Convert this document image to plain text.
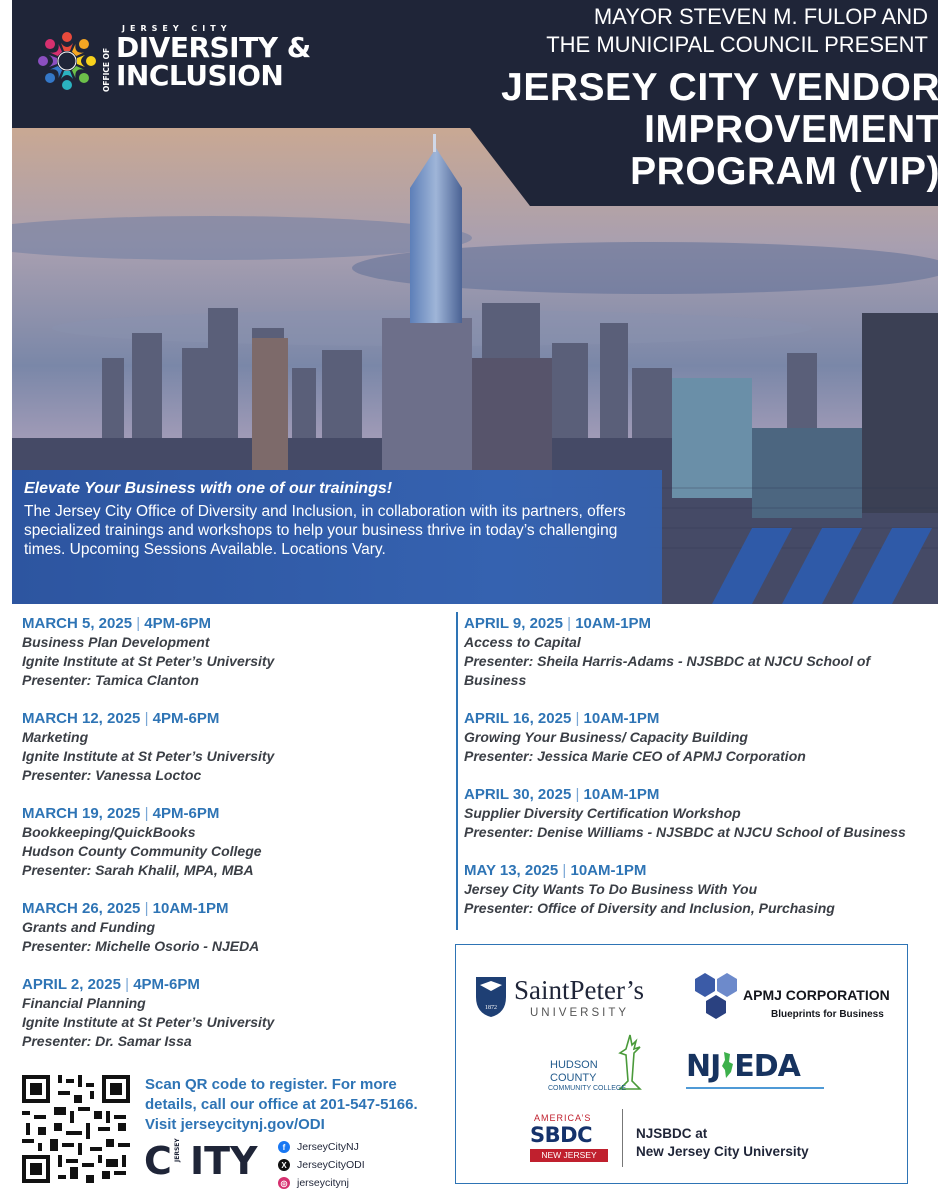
JERSEY CITY
OFFICE OF
DIVERSITY &
INCLUSION
MAYOR STEVEN M. FULOP AND
THE MUNICIPAL COUNCIL PRESENT
JERSEY CITY VENDOR
IMPROVEMENT
PROGRAM (VIP)
Elevate Your Business with one of our trainings!
The Jersey City Office of Diversity and Inclusion, in collaboration with its partners, offers specialized trainings and workshops to help your business thrive in today’s challenging times. Upcoming Sessions Available. Locations Vary.
MARCH 5, 2025 | 4PM-6PM
Business Plan Development
Ignite Institute at St Peter’s University
Presenter: Tamica Clanton
MARCH 12, 2025 | 4PM-6PM
Marketing
Ignite Institute at St Peter’s University
Presenter: Vanessa Loctoc
MARCH 19, 2025 | 4PM-6PM
Bookkeeping/QuickBooks
Hudson County Community College
Presenter: Sarah Khalil, MPA, MBA
MARCH 26, 2025 | 10AM-1PM
Grants and Funding
Presenter: Michelle Osorio - NJEDA
APRIL 2, 2025 | 4PM-6PM
Financial Planning
Ignite Institute at St Peter’s University
Presenter: Dr. Samar Issa
APRIL 9, 2025 | 10AM-1PM
Access to Capital
Presenter: Sheila Harris-Adams - NJSBDC at NJCU School of Business
APRIL 16, 2025 | 10AM-1PM
Growing Your Business/ Capacity Building
Presenter: Jessica Marie CEO of APMJ Corporation
APRIL 30, 2025 | 10AM-1PM
Supplier Diversity Certification Workshop
Presenter: Denise Williams - NJSBDC at NJCU School of Business
MAY 13, 2025 | 10AM-1PM
Jersey City Wants To Do Business With You
Presenter: Office of Diversity and Inclusion, Purchasing
1872
SaintPeter’s
UNIVERSITY
APMJ CORPORATION
Blueprints for Business
HUDSON
COUNTY
COMMUNITY COLLEGE
NJ EDA
AMERICA’S
SBDC
NEW JERSEY
NJSBDC at
New Jersey City University
Scan QR code to register. For more details, call our office at 201-547-5166. Visit jerseycitynj.gov/ODI
C JERSEY ITY	f	JerseyCityNJ
X JerseyCityODI
◎ jerseycitynj
